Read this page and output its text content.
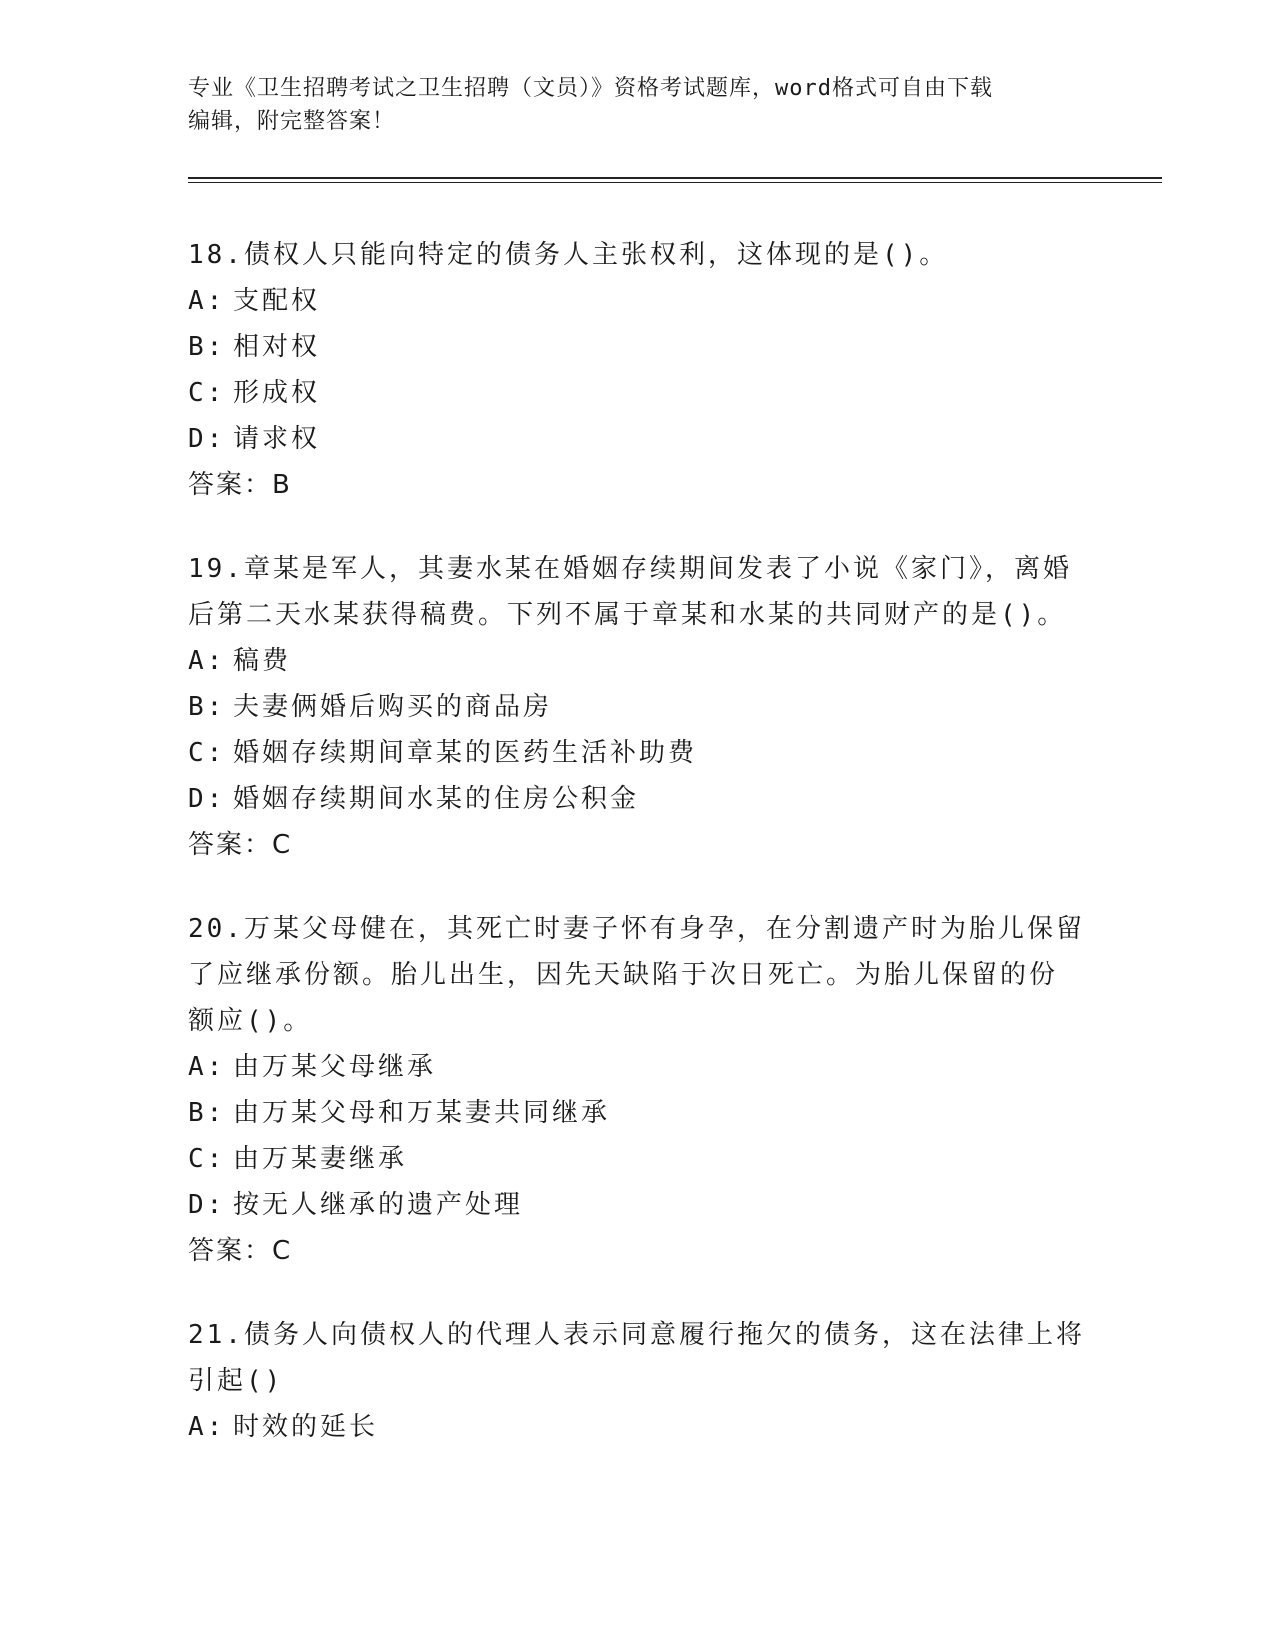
专业《卫生招聘考试之卫生招聘（文员）》资格考试题库，word格式可自由下载
编辑，附完整答案！
18.债权人只能向特定的债务人主张权利，这体现的是()。
A: 支配权
B: 相对权
C: 形成权
D: 请求权
答案：B
19.章某是军人，其妻水某在婚姻存续期间发表了小说《家门》，离婚
后第二天水某获得稿费。下列不属于章某和水某的共同财产的是()。
A: 稿费
B: 夫妻俩婚后购买的商品房
C: 婚姻存续期间章某的医药生活补助费
D: 婚姻存续期间水某的住房公积金
答案：C
20.万某父母健在，其死亡时妻子怀有身孕，在分割遗产时为胎儿保留
了应继承份额。胎儿出生，因先天缺陷于次日死亡。为胎儿保留的份
额应()。
A: 由万某父母继承
B: 由万某父母和万某妻共同继承
C: 由万某妻继承
D: 按无人继承的遗产处理
答案：C
21.债务人向债权人的代理人表示同意履行拖欠的债务，这在法律上将
引起()
A: 时效的延长
